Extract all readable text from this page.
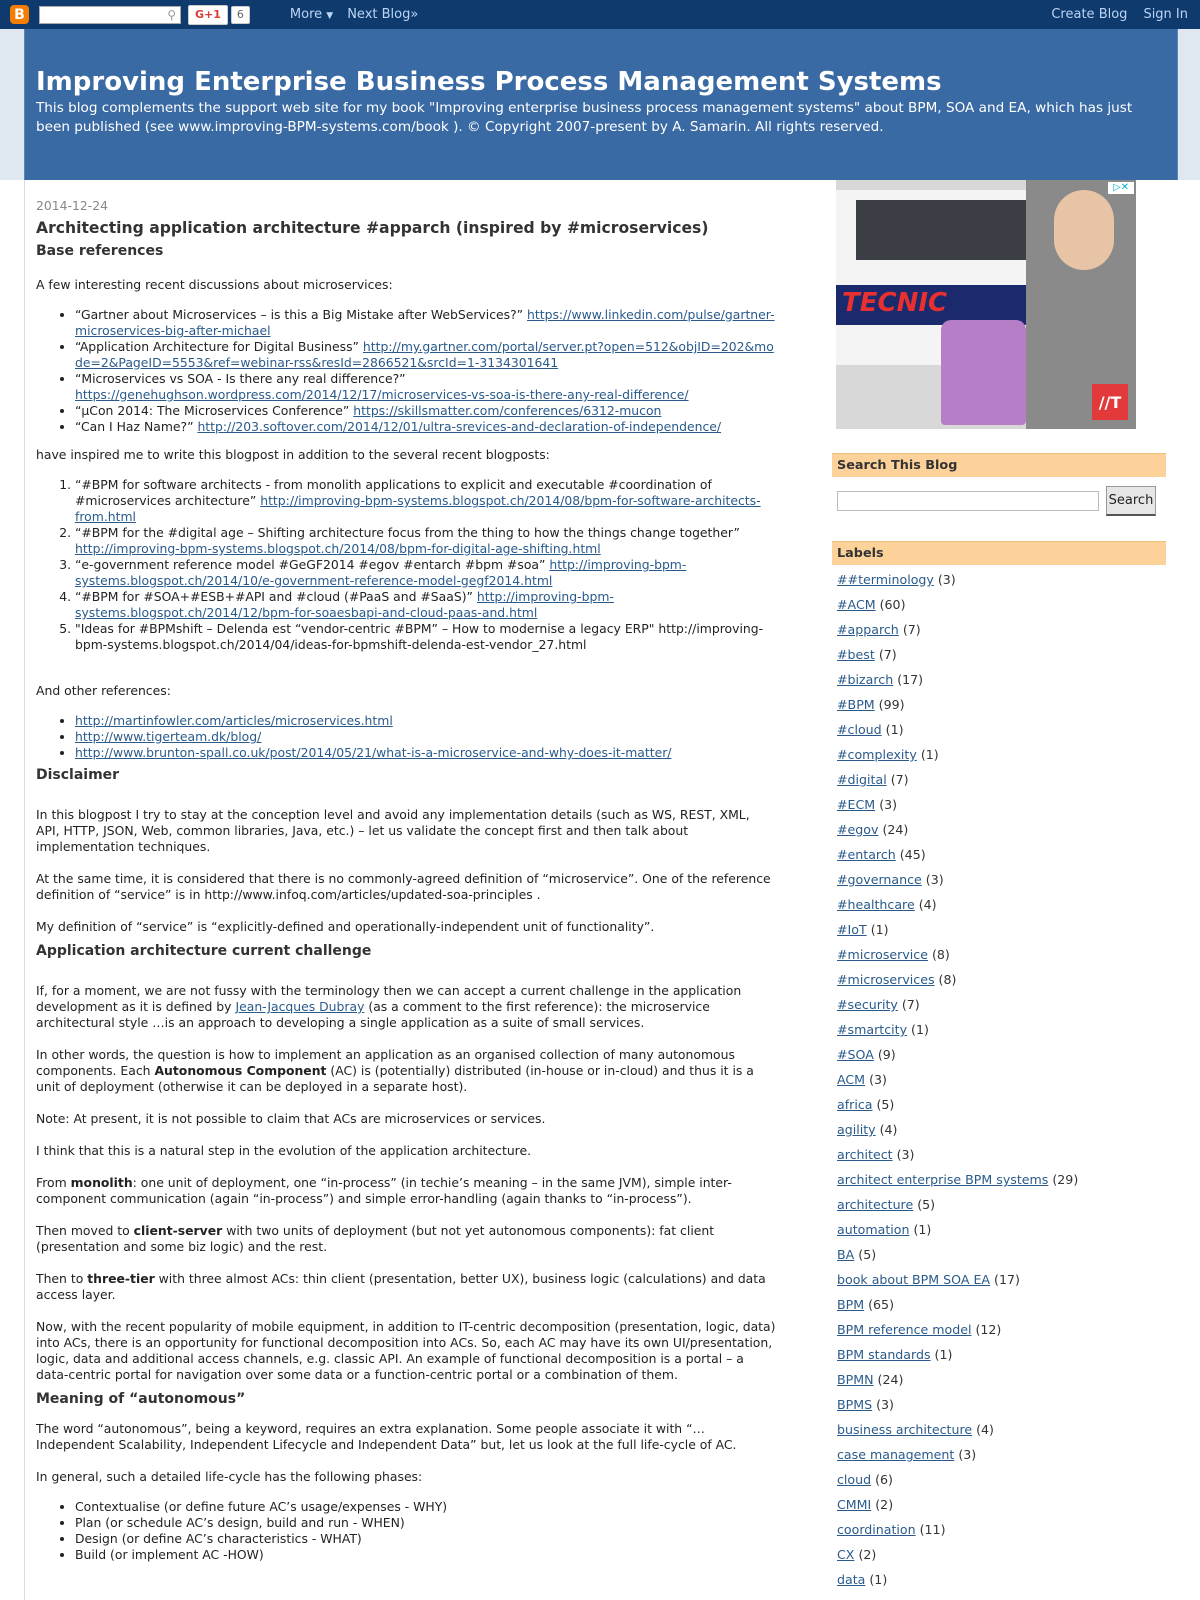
B	⚲	G+1	6	More ▼ Next Blog»	Create Blog Sign In
Improving Enterprise Business Process Management Systems
This blog complements the support web site for my book "Improving enterprise business process management systems" about BPM, SOA and EA, which has just been published (see www.improving-BPM-systems.com/book ). © Copyright 2007-present by A. Samarin. All rights reserved.
2014-12-24
Architecting application architecture #apparch (inspired by #microservices)
Base references

A few interesting recent discussions about microservices:

• “Gartner about Microservices – is this a Big Mistake after WebServices?” https://www.linkedin.com/pulse/gartner-microservices-big-after-michael
• “Application Architecture for Digital Business” http://my.gartner.com/portal/server.pt?open=512&objID=202&mode=2&PageID=5553&ref=webinar-rss&resId=2866521&srcId=1-3134301641
• “Microservices vs SOA - Is there any real difference?” https://genehughson.wordpress.com/2014/12/17/microservices-vs-soa-is-there-any-real-difference/
• “µCon 2014: The Microservices Conference” https://skillsmatter.com/conferences/6312-mucon
• “Can I Haz Name?” http://203.softover.com/2014/12/01/ultra-srevices-and-declaration-of-independence/

have inspired me to write this blogpost in addition to the several recent blogposts:

1. “#BPM for software architects - from monolith applications to explicit and executable #coordination of #microservices architecture” http://improving-bpm-systems.blogspot.ch/2014/08/bpm-for-software-architects-from.html
2. “#BPM for the #digital age – Shifting architecture focus from the thing to how the things change together” http://improving-bpm-systems.blogspot.ch/2014/08/bpm-for-digital-age-shifting.html
3. “e-government reference model #GeGF2014 #egov #entarch #bpm #soa” http://improving-bpm-systems.blogspot.ch/2014/10/e-government-reference-model-gegf2014.html
4. “#BPM for #SOA+#ESB+#API and #cloud (#PaaS and #SaaS)” http://improving-bpm-systems.blogspot.ch/2014/12/bpm-for-soaesbapi-and-cloud-paas-and.html
5. "Ideas for #BPMshift – Delenda est “vendor-centric #BPM” – How to modernise a legacy ERP" http://improving-bpm-systems.blogspot.ch/2014/04/ideas-for-bpmshift-delenda-est-vendor_27.html

And other references:

• http://martinfowler.com/articles/microservices.html
• http://www.tigerteam.dk/blog/
• http://www.brunton-spall.co.uk/post/2014/05/21/what-is-a-microservice-and-why-does-it-matter/
Disclaimer

In this blogpost I try to stay at the conception level and avoid any implementation details (such as WS, REST, XML, API, HTTP, JSON, Web, common libraries, Java, etc.) – let us validate the concept first and then talk about implementation techniques.

At the same time, it is considered that there is no commonly-agreed definition of “microservice”. One of the reference definition of “service” is in http://www.infoq.com/articles/updated-soa-principles .

My definition of “service” is “explicitly-defined and operationally-independent unit of functionality”.

Application architecture current challenge

If, for a moment, we are not fussy with the terminology then we can accept a current challenge in the application development as it is defined by Jean-Jacques Dubray (as a comment to the first reference): the microservice architectural style …is an approach to developing a single application as a suite of small services.

In other words, the question is how to implement an application as an organised collection of many autonomous components. Each Autonomous Component (AC) is (potentially) distributed (in-house or in-cloud) and thus it is a unit of deployment (otherwise it can be deployed in a separate host).

Note: At present, it is not possible to claim that ACs are microservices or services.

I think that this is a natural step in the evolution of the application architecture.

From monolith: one unit of deployment, one “in-process” (in techie’s meaning – in the same JVM), simple inter-component communication (again “in-process”) and simple error-handling (again thanks to “in-process”).

Then moved to client-server with two units of deployment (but not yet autonomous components): fat client (presentation and some biz logic) and the rest.

Then to three-tier with three almost ACs: thin client (presentation, better UX), business logic (calculations) and data access layer.

Now, with the recent popularity of mobile equipment, in addition to IT-centric decomposition (presentation, logic, data) into ACs, there is an opportunity for functional decomposition into ACs. So, each AC may have its own UI/presentation, logic, data and additional access channels, e.g. classic API. An example of functional decomposition is a portal – a data-centric portal for navigation over some data or a function-centric portal or a combination of them.

Meaning of “autonomous”

The word “autonomous”, being a keyword, requires an extra explanation. Some people associate it with “…Independent Scalability, Independent Lifecycle and Independent Data” but, let us look at the full life-cycle of AC.

In general, such a detailed life-cycle has the following phases:

• Contextualise (or define future AC’s usage/expenses - WHY)
• Plan (or schedule AC’s design, build and run - WHEN)
• Design (or define AC’s characteristics - WHAT)
• Build (or implement AC -HOW)
TECNIC
//T
▷✕
Search This Blog
Search
Labels
##terminology (3)
#ACM (60)
#apparch (7)
#best (7)
#bizarch (17)
#BPM (99)
#cloud (1)
#complexity (1)
#digital (7)
#ECM (3)
#egov (24)
#entarch (45)
#governance (3)
#healthcare (4)
#IoT (1)
#microservice (8)
#microservices (8)
#security (7)
#smartcity (1)
#SOA (9)
ACM (3)
africa (5)
agility (4)
architect (3)
architect enterprise BPM systems (29)
architecture (5)
automation (1)
BA (5)
book about BPM SOA EA (17)
BPM (65)
BPM reference model (12)
BPM standards (1)
BPMN (24)
BPMS (3)
business architecture (4)
case management (3)
cloud (6)
CMMI (2)
coordination (11)
CX (2)
data (1)
